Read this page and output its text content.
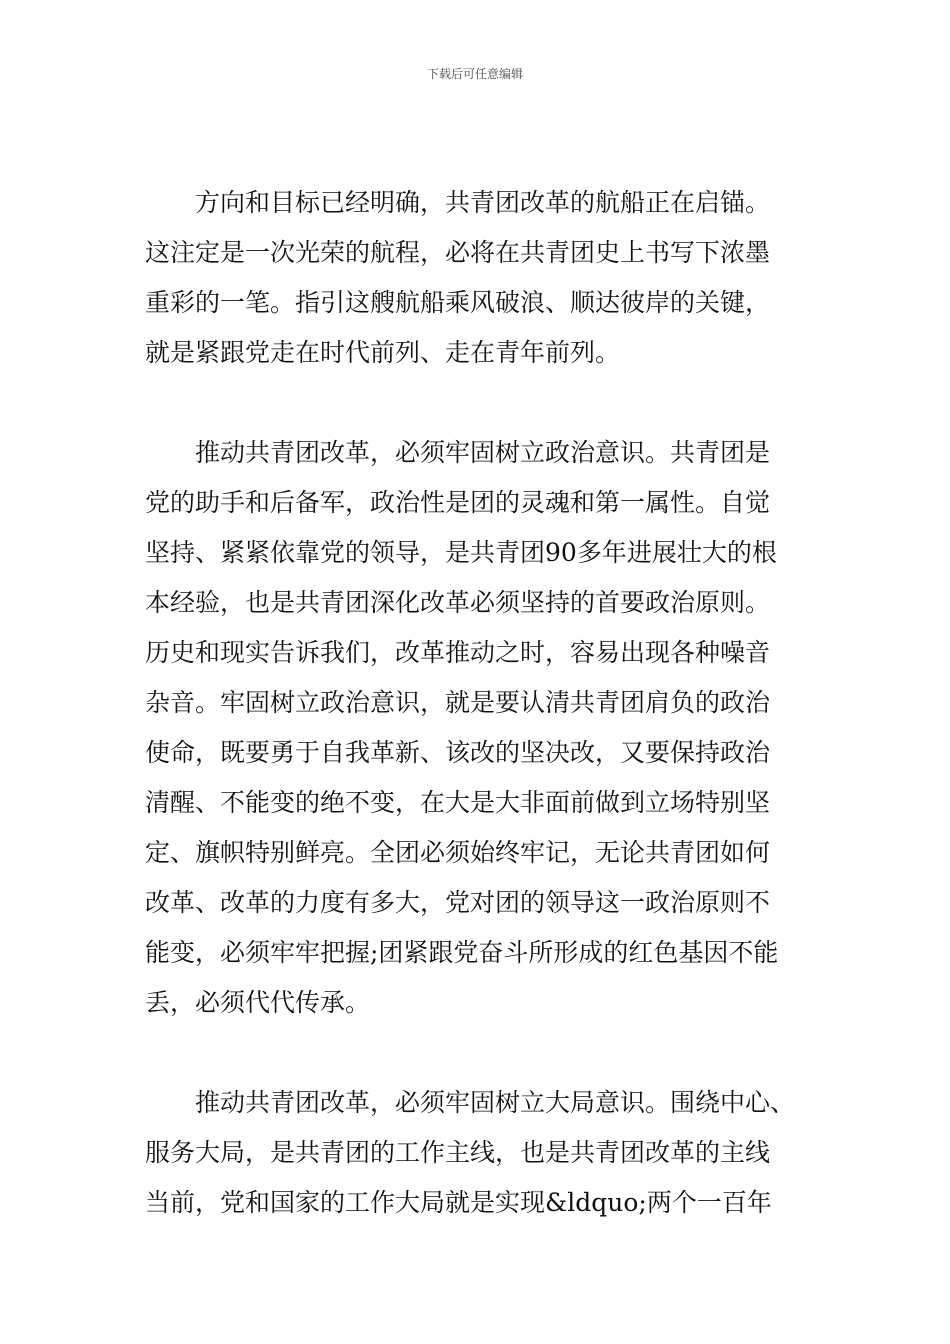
下载后可任意编辑
方向和目标已经明确，共青团改革的航船正在启锚。
这注定是一次光荣的航程，必将在共青团史上书写下浓墨
重彩的一笔。指引这艘航船乘风破浪、顺达彼岸的关键，
就是紧跟党走在时代前列、走在青年前列。
推动共青团改革，必须牢固树立政治意识。共青团是
党的助手和后备军，政治性是团的灵魂和第一属性。自觉
坚持、紧紧依靠党的领导，是共青团90多年进展壮大的根
本经验，也是共青团深化改革必须坚持的首要政治原则。
历史和现实告诉我们，改革推动之时，容易出现各种噪音
杂音。牢固树立政治意识，就是要认清共青团肩负的政治
使命，既要勇于自我革新、该改的坚决改，又要保持政治
清醒、不能变的绝不变，在大是大非面前做到立场特别坚
定、旗帜特别鲜亮。全团必须始终牢记，无论共青团如何
改革、改革的力度有多大，党对团的领导这一政治原则不
能变，必须牢牢把握;团紧跟党奋斗所形成的红色基因不能
丢，必须代代传承。
推动共青团改革，必须牢固树立大局意识。围绕中心、
服务大局，是共青团的工作主线，也是共青团改革的主线
当前，党和国家的工作大局就是实现&ldquo;两个一百年
